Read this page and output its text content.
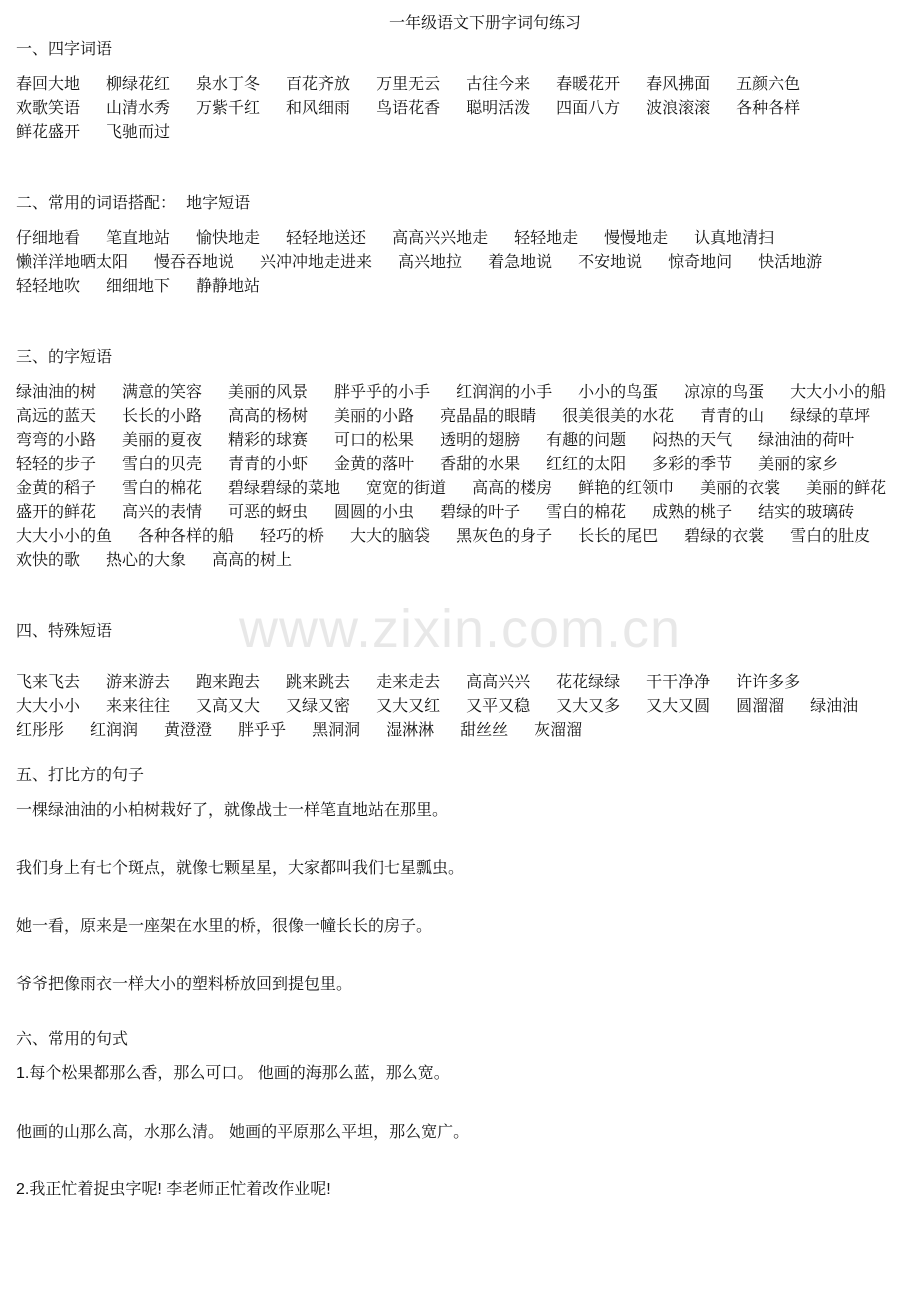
www.zixin.com.cn
一年级语文下册字词句练习
一、四字词语
春回大地 柳绿花红 泉水丁冬 百花齐放 万里无云 古往今来 春暖花开 春风拂面 五颜六色欢歌笑语 山清水秀 万紫千红 和风细雨 鸟语花香 聪明活泼 四面八方 波浪滚滚 各种各样鲜花盛开 飞驰而过
二、常用的词语搭配：  地字短语
仔细地看 笔直地站 愉快地走 轻轻地送还 高高兴兴地走 轻轻地走 慢慢地走 认真地清扫懒洋洋地晒太阳 慢吞吞地说 兴冲冲地走进来 高兴地拉 着急地说 不安地说 惊奇地问 快活地游轻轻地吹 细细地下 静静地站
三、的字短语
绿油油的树 满意的笑容 美丽的风景 胖乎乎的小手 红润润的小手 小小的鸟蛋 凉凉的鸟蛋 大大小小的船高远的蓝天 长长的小路 高高的杨树 美丽的小路 亮晶晶的眼睛 很美很美的水花 青青的山 绿绿的草坪弯弯的小路 美丽的夏夜 精彩的球赛 可口的松果 透明的翅膀 有趣的问题 闷热的天气 绿油油的荷叶轻轻的步子 雪白的贝壳 青青的小虾 金黄的落叶 香甜的水果 红红的太阳 多彩的季节 美丽的家乡金黄的稻子 雪白的棉花 碧绿碧绿的菜地 宽宽的街道 高高的楼房 鲜艳的红领巾 美丽的衣裳 美丽的鲜花盛开的鲜花 高兴的表情 可恶的蚜虫 圆圆的小虫 碧绿的叶子 雪白的棉花 成熟的桃子 结实的玻璃砖大大小小的鱼 各种各样的船 轻巧的桥 大大的脑袋 黑灰色的身子 长长的尾巴 碧绿的衣裳 雪白的肚皮欢快的歌 热心的大象 高高的树上
四、特殊短语
飞来飞去 游来游去 跑来跑去 跳来跳去 走来走去 高高兴兴 花花绿绿 干干净净 许许多多大大小小 来来往往 又高又大 又绿又密 又大又红 又平又稳 又大又多 又大又圆 圆溜溜 绿油油红彤彤 红润润 黄澄澄 胖乎乎 黑洞洞 湿淋淋 甜丝丝 灰溜溜
五、打比方的句子

一棵绿油油的小柏树栽好了，就像战士一样笔直地站在那里。

我们身上有七个斑点，就像七颗星星，大家都叫我们七星瓢虫。

她一看，原来是一座架在水里的桥，很像一幢长长的房子。

爷爷把像雨衣一样大小的塑料桥放回到提包里。

六、常用的句式

1.每个松果都那么香，那么可口。 他画的海那么蓝，那么宽。

他画的山那么高，水那么清。 她画的平原那么平坦，那么宽广。

2.我正忙着捉虫字呢! 李老师正忙着改作业呢!
